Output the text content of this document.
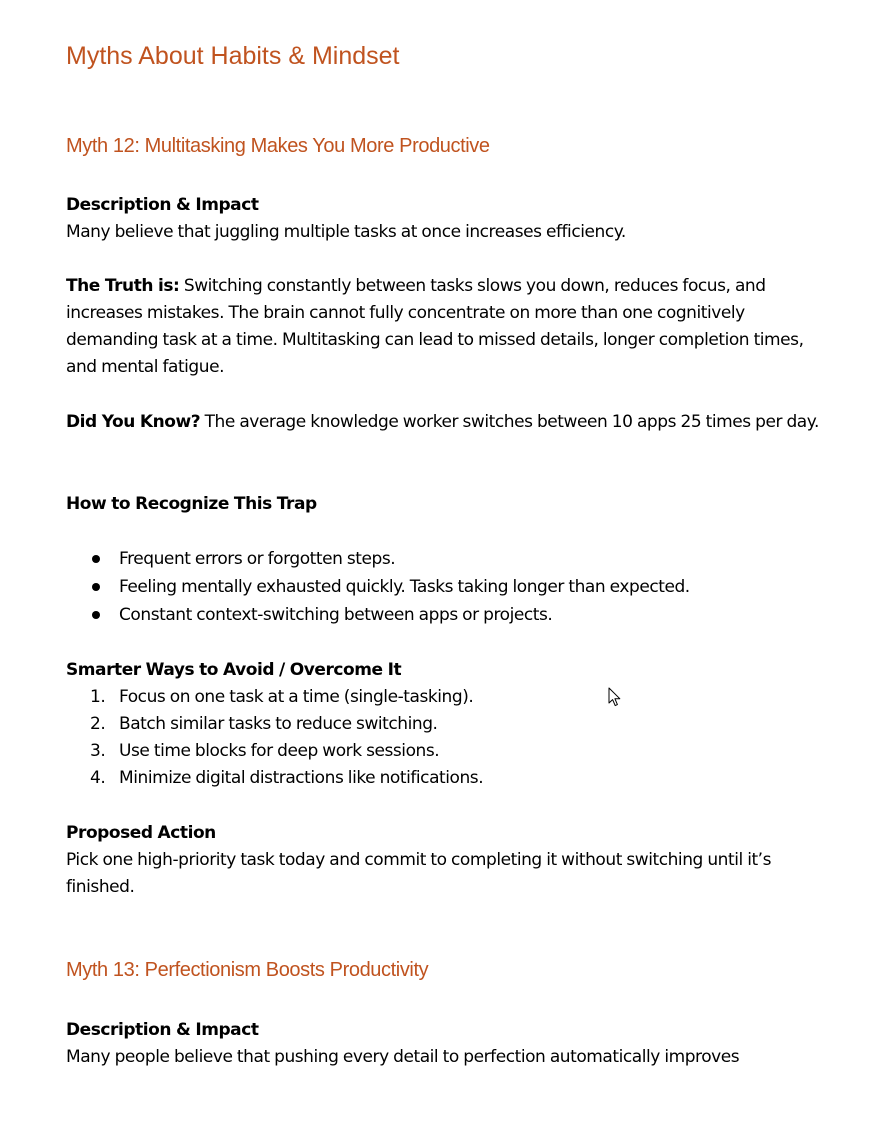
Myths About Habits & Mindset
Myth 12: Multitasking Makes You More Productive
Description & Impact

Many believe that juggling multiple tasks at once increases efficiency.

The Truth is: Switching constantly between tasks slows you down, reduces focus, and increases mistakes. The brain cannot fully concentrate on more than one cognitively demanding task at a time. Multitasking can lead to missed details, longer completion times, and mental fatigue.

Did You Know? The average knowledge worker switches between 10 apps 25 times per day.

How to Recognize This Trap
Frequent errors or forgotten steps.
Feeling mentally exhausted quickly. Tasks taking longer than expected.
Constant context-switching between apps or projects.
Smarter Ways to Avoid / Overcome It
1. Focus on one task at a time (single-tasking).
2. Batch similar tasks to reduce switching.
3. Use time blocks for deep work sessions.
4. Minimize digital distractions like notifications.
Proposed Action

Pick one high-priority task today and commit to completing it without switching until it’s finished.

Myth 13: Perfectionism Boosts Productivity
Description & Impact

Many people believe that pushing every detail to perfection automatically improves
